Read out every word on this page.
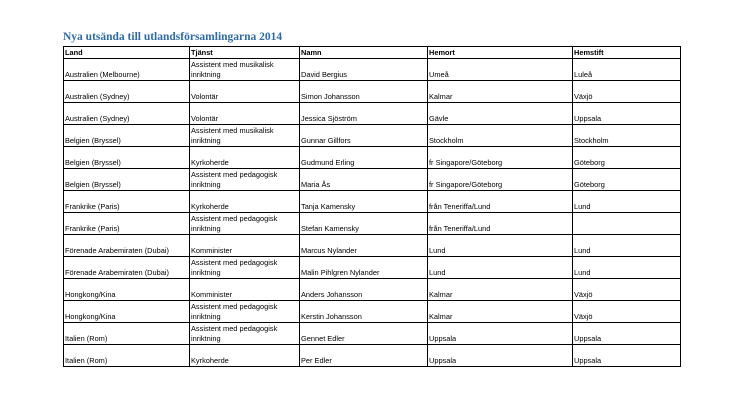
Nya utsända till utlandsförsamlingarna 2014
Land	Tjänst	Namn	Hemort	Hemstift
Australien (Melbourne)	Assistent med musikalisk inriktning	David Bergius	Umeå	Luleå
Australien (Sydney)	Volontär	Simon Johansson	Kalmar	Växjö
Australien (Sydney)	Volontär	Jessica Sjöström	Gävle	Uppsala
Belgien (Bryssel)	Assistent med musikalisk inriktning	Gunnar Gillfors	Stockholm	Stockholm
Belgien (Bryssel)	Kyrkoherde	Gudmund Erling	fr Singapore/Göteborg	Göteborg
Belgien (Bryssel)	Assistent med pedagogisk inriktning	Maria Ås	fr Singapore/Göteborg	Göteborg
Frankrike (Paris)	Kyrkoherde	Tanja Kamensky	från Teneriffa/Lund	Lund
Frankrike (Paris)	Assistent med pedagogisk inriktning	Stefan Kamensky	från Teneriffa/Lund	
Förenade Arabemiraten (Dubai)	Komminister	Marcus Nylander	Lund	Lund
Förenade Arabemiraten (Dubai)	Assistent med pedagogisk inriktning	Malin Pihlgren Nylander	Lund	Lund
Hongkong/Kina	Komminister	Anders Johansson	Kalmar	Växjö
Hongkong/Kina	Assistent med pedagogisk inriktning	Kerstin Johansson	Kalmar	Växjö
Italien (Rom)	Assistent med pedagogisk inriktning	Gennet Edler	Uppsala	Uppsala
Italien (Rom)	Kyrkoherde	Per Edler	Uppsala	Uppsala
